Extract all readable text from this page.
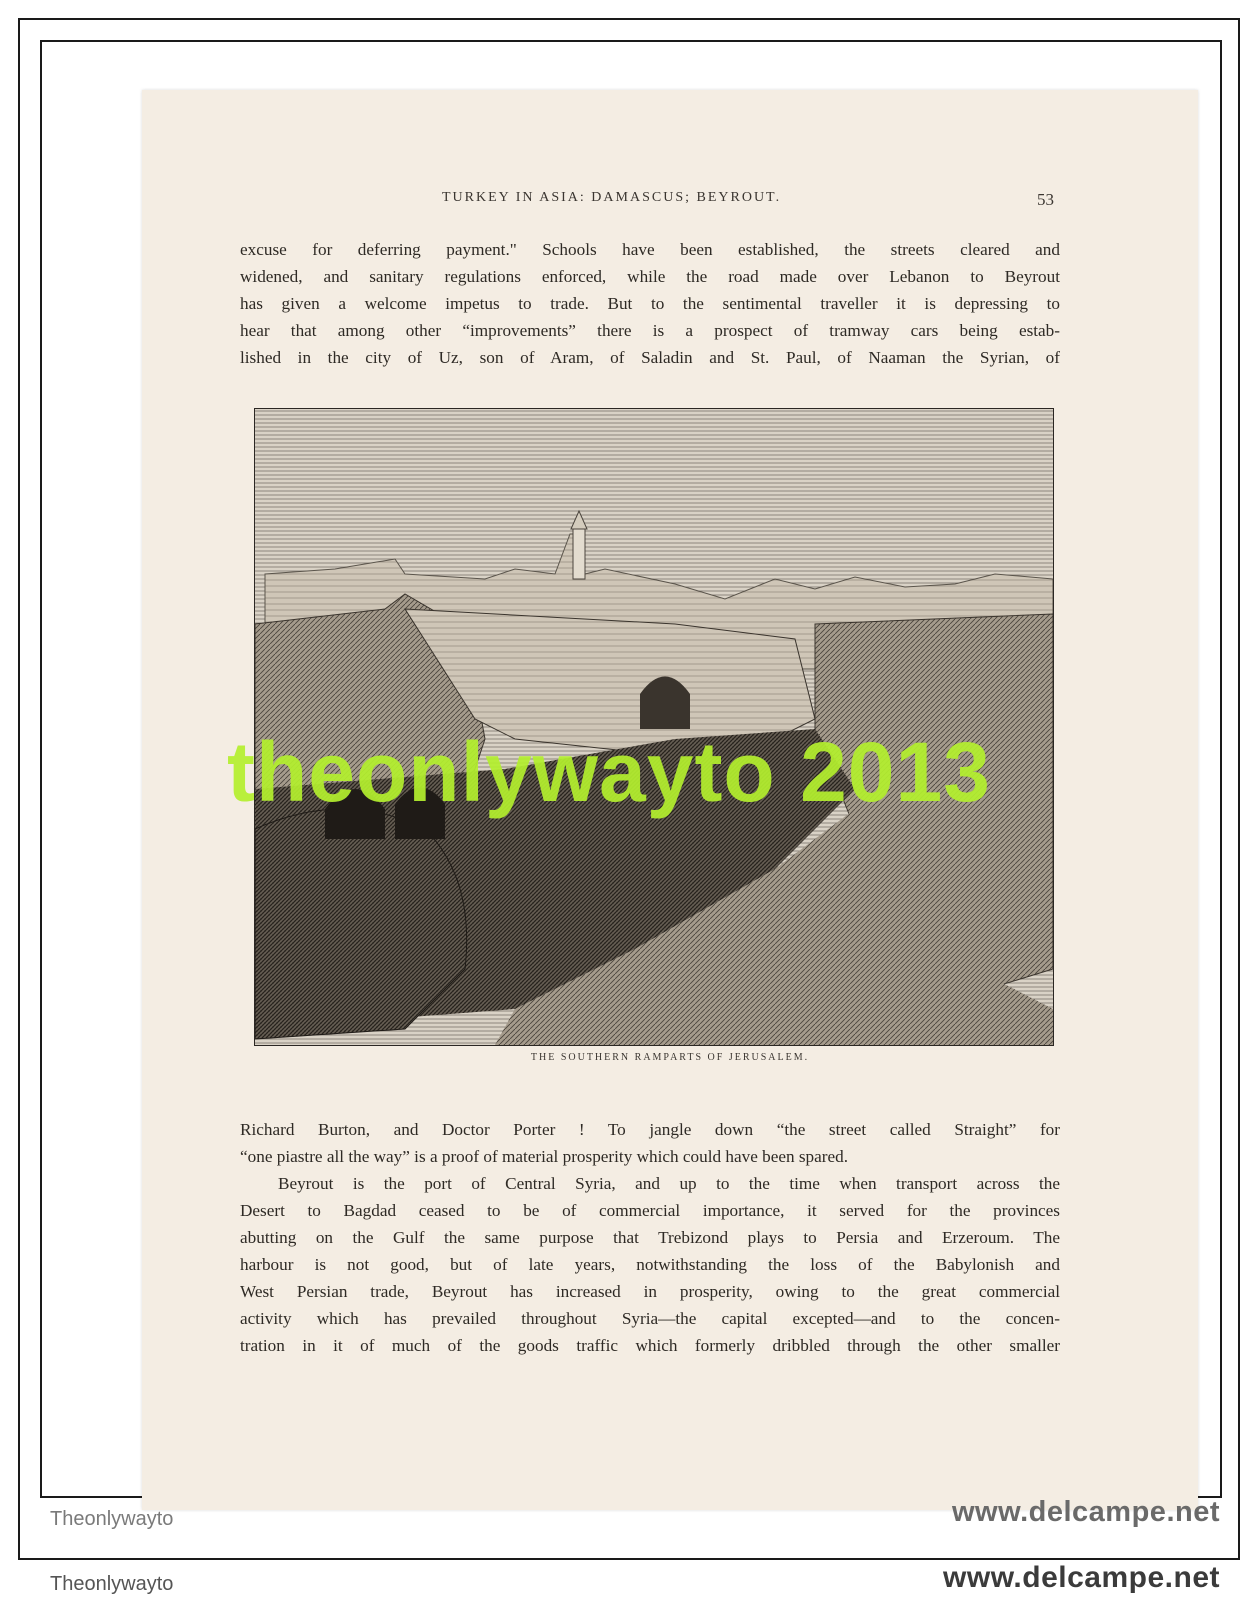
TURKEY IN ASIA: DAMASCUS; BEYROUT.	53
excuse for deferring payment." Schools have been established, the streets cleared and
widened, and sanitary regulations enforced, while the road made over Lebanon to Beyrout
has given a welcome impetus to trade. But to the sentimental traveller it is depressing to
hear that among other “improvements” there is a prospect of tramway cars being estab-
lished in the city of Uz, son of Aram, of Saladin and St. Paul, of Naaman the Syrian, of
THE SOUTHERN RAMPARTS OF JERUSALEM.
Richard Burton, and Doctor Porter ! To jangle down “the street called Straight” for
“one piastre all the way” is a proof of material prosperity which could have been spared.
Beyrout is the port of Central Syria, and up to the time when transport across the
Desert to Bagdad ceased to be of commercial importance, it served for the provinces
abutting on the Gulf the same purpose that Trebizond plays to Persia and Erzeroum. The
harbour is not good, but of late years, notwithstanding the loss of the Babylonish and
West Persian trade, Beyrout has increased in prosperity, owing to the great commercial
activity which has prevailed throughout Syria—the capital excepted—and to the concen-
tration in it of much of the goods traffic which formerly dribbled through the other smaller
theonlywayto 2013
Theonlywayto	www.delcampe.net
Theonlywayto	www.delcampe.net
